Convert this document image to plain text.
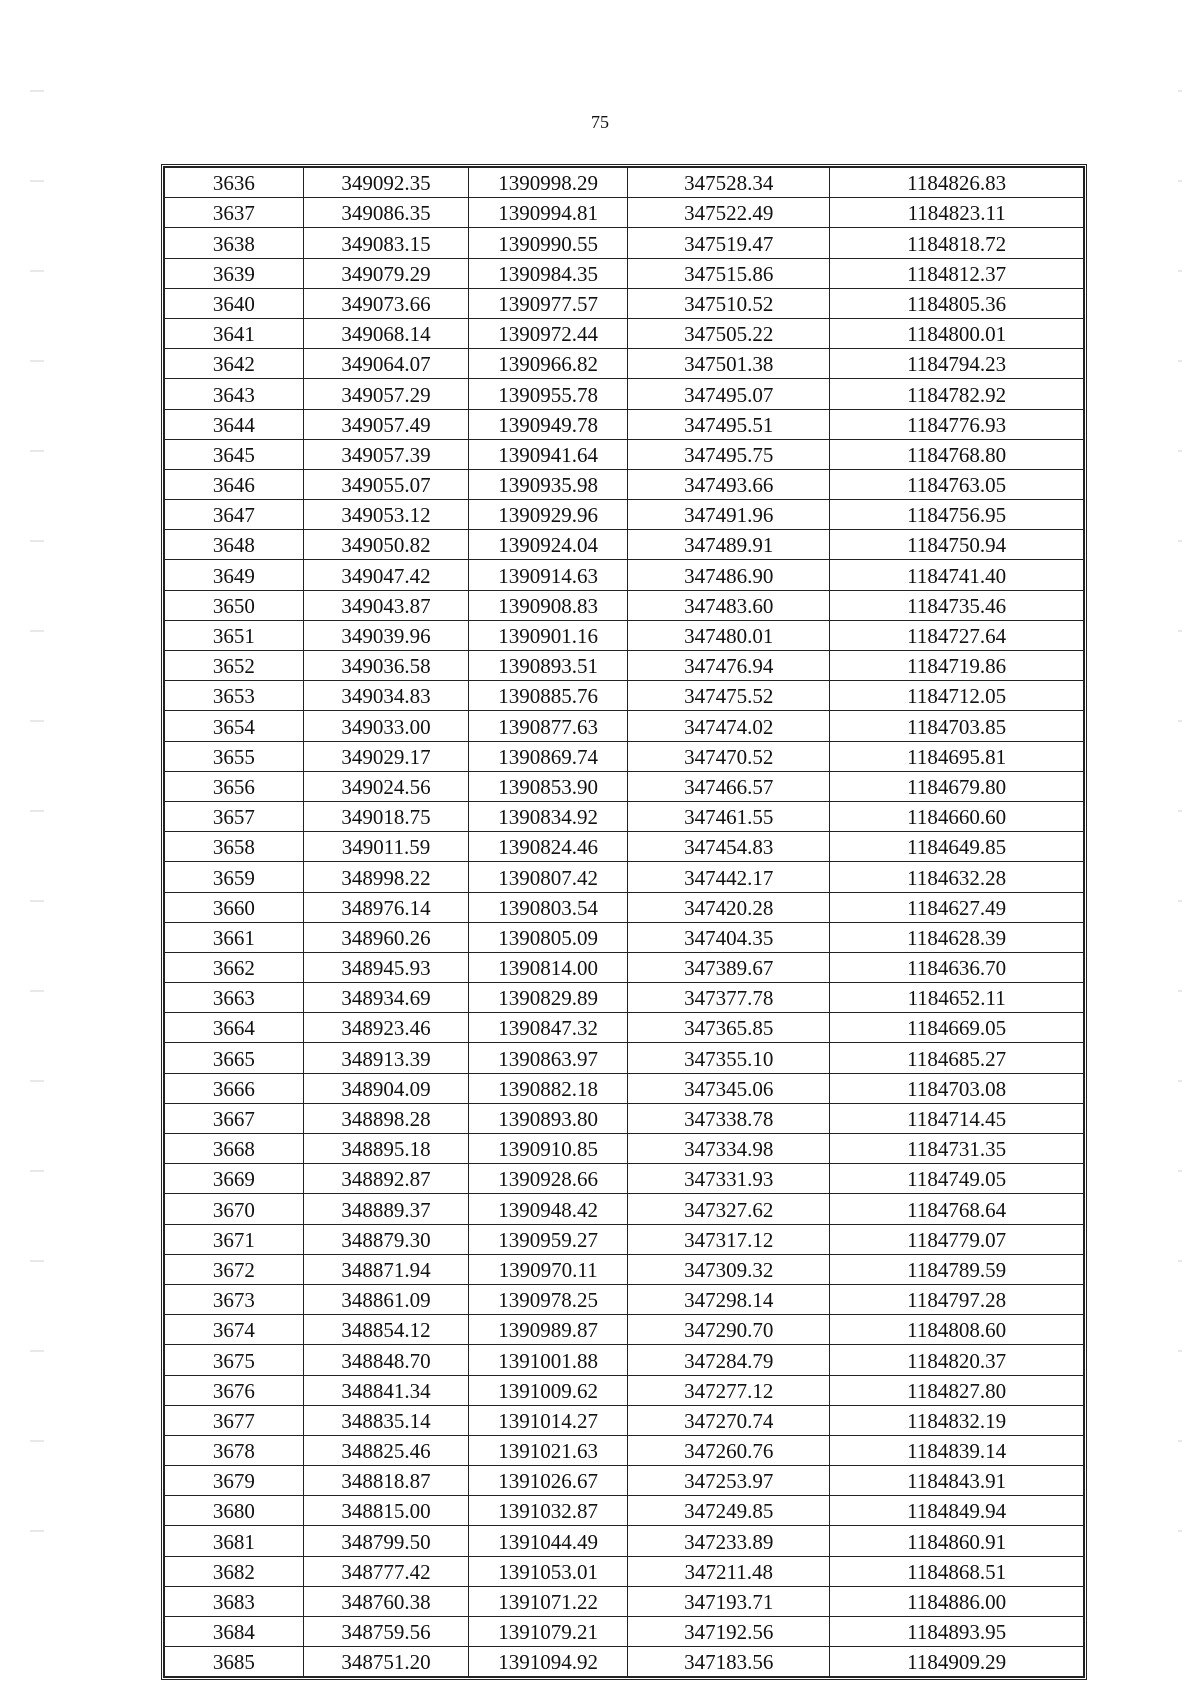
75
3636	349092.35	1390998.29	347528.34	1184826.83
3637	349086.35	1390994.81	347522.49	1184823.11
3638	349083.15	1390990.55	347519.47	1184818.72
3639	349079.29	1390984.35	347515.86	1184812.37
3640	349073.66	1390977.57	347510.52	1184805.36
3641	349068.14	1390972.44	347505.22	1184800.01
3642	349064.07	1390966.82	347501.38	1184794.23
3643	349057.29	1390955.78	347495.07	1184782.92
3644	349057.49	1390949.78	347495.51	1184776.93
3645	349057.39	1390941.64	347495.75	1184768.80
3646	349055.07	1390935.98	347493.66	1184763.05
3647	349053.12	1390929.96	347491.96	1184756.95
3648	349050.82	1390924.04	347489.91	1184750.94
3649	349047.42	1390914.63	347486.90	1184741.40
3650	349043.87	1390908.83	347483.60	1184735.46
3651	349039.96	1390901.16	347480.01	1184727.64
3652	349036.58	1390893.51	347476.94	1184719.86
3653	349034.83	1390885.76	347475.52	1184712.05
3654	349033.00	1390877.63	347474.02	1184703.85
3655	349029.17	1390869.74	347470.52	1184695.81
3656	349024.56	1390853.90	347466.57	1184679.80
3657	349018.75	1390834.92	347461.55	1184660.60
3658	349011.59	1390824.46	347454.83	1184649.85
3659	348998.22	1390807.42	347442.17	1184632.28
3660	348976.14	1390803.54	347420.28	1184627.49
3661	348960.26	1390805.09	347404.35	1184628.39
3662	348945.93	1390814.00	347389.67	1184636.70
3663	348934.69	1390829.89	347377.78	1184652.11
3664	348923.46	1390847.32	347365.85	1184669.05
3665	348913.39	1390863.97	347355.10	1184685.27
3666	348904.09	1390882.18	347345.06	1184703.08
3667	348898.28	1390893.80	347338.78	1184714.45
3668	348895.18	1390910.85	347334.98	1184731.35
3669	348892.87	1390928.66	347331.93	1184749.05
3670	348889.37	1390948.42	347327.62	1184768.64
3671	348879.30	1390959.27	347317.12	1184779.07
3672	348871.94	1390970.11	347309.32	1184789.59
3673	348861.09	1390978.25	347298.14	1184797.28
3674	348854.12	1390989.87	347290.70	1184808.60
3675	348848.70	1391001.88	347284.79	1184820.37
3676	348841.34	1391009.62	347277.12	1184827.80
3677	348835.14	1391014.27	347270.74	1184832.19
3678	348825.46	1391021.63	347260.76	1184839.14
3679	348818.87	1391026.67	347253.97	1184843.91
3680	348815.00	1391032.87	347249.85	1184849.94
3681	348799.50	1391044.49	347233.89	1184860.91
3682	348777.42	1391053.01	347211.48	1184868.51
3683	348760.38	1391071.22	347193.71	1184886.00
3684	348759.56	1391079.21	347192.56	1184893.95
3685	348751.20	1391094.92	347183.56	1184909.29
